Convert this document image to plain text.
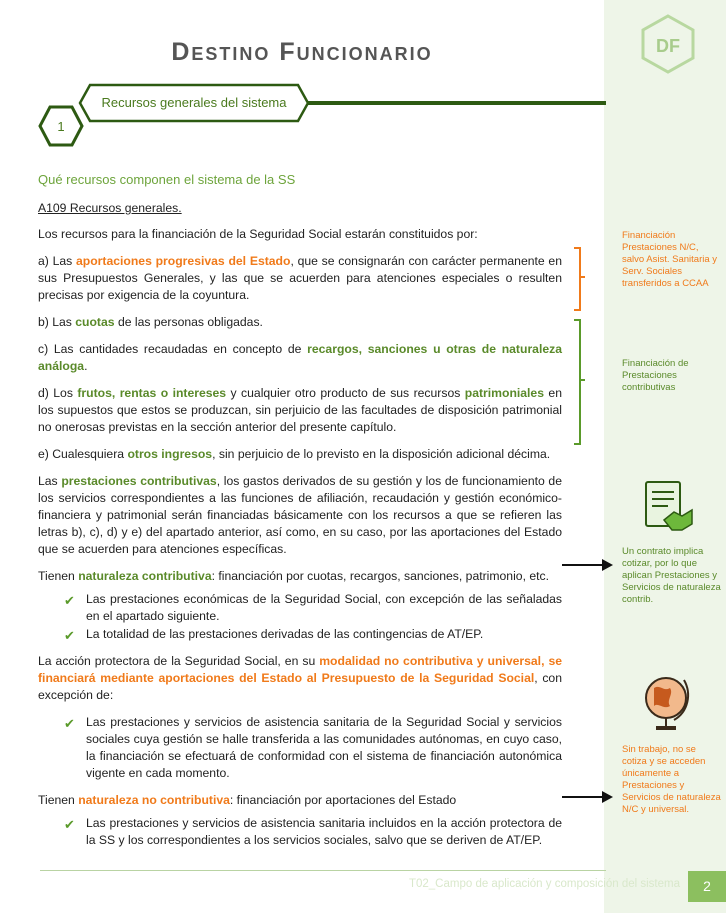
DF
Destino Funcionario
Recursos generales del sistema
1
Qué recursos componen el sistema de la SS

A109 Recursos generales.

Los recursos para la financiación de la Seguridad Social estarán constituidos por:

a) Las aportaciones progresivas del Estado, que se consignarán con carácter permanente en sus Presupuestos Generales, y las que se acuerden para atenciones especiales o resulten precisas por exigencia de la coyuntura.

b) Las cuotas de las personas obligadas.

c) Las cantidades recaudadas en concepto de recargos, sanciones u otras de naturaleza análoga.

d) Los frutos, rentas o intereses y cualquier otro producto de sus recursos patrimoniales en los supuestos que estos se produzcan, sin perjuicio de las facultades de disposición patrimonial no onerosas previstas en la sección anterior del presente capítulo.

e) Cualesquiera otros ingresos, sin perjuicio de lo previsto en la disposición adicional décima.

Las prestaciones contributivas, los gastos derivados de su gestión y los de funcionamiento de los servicios correspondientes a las funciones de afiliación, recaudación y gestión económico-financiera y patrimonial serán financiadas básicamente con los recursos a que se refieren las letras b), c), d) y e) del apartado anterior, así como, en su caso, por las aportaciones del Estado que se acuerden para atenciones específicas.

Tienen naturaleza contributiva: financiación por cuotas, recargos, sanciones, patrimonio, etc.

✔ Las prestaciones económicas de la Seguridad Social, con excepción de las señaladas en el apartado siguiente.
✔ La totalidad de las prestaciones derivadas de las contingencias de AT/EP.

La acción protectora de la Seguridad Social, en su modalidad no contributiva y universal, se financiará mediante aportaciones del Estado al Presupuesto de la Seguridad Social, con excepción de:

✔ Las prestaciones y servicios de asistencia sanitaria de la Seguridad Social y servicios sociales cuya gestión se halle transferida a las comunidades autónomas, en cuyo caso, la financiación se efectuará de conformidad con el sistema de financiación autonómica vigente en cada momento.

Tienen naturaleza no contributiva: financiación por aportaciones del Estado

✔ Las prestaciones y servicios de asistencia sanitaria incluidos en la acción protectora de la SS y los correspondientes a los servicios sociales, salvo que se deriven de AT/EP.
Financiación Prestaciones N/C, salvo Asist. Sanitaria y Serv. Sociales transferidos a CCAA
Financiación de Prestaciones contributivas
Un contrato implica cotizar, por lo que aplican Prestaciones y Servicios de naturaleza contrib.
Sin trabajo, no se cotiza y se acceden únicamente a Prestaciones y Servicios de naturaleza N/C y universal.
T02_Campo de aplicación y composición del sistema	2
